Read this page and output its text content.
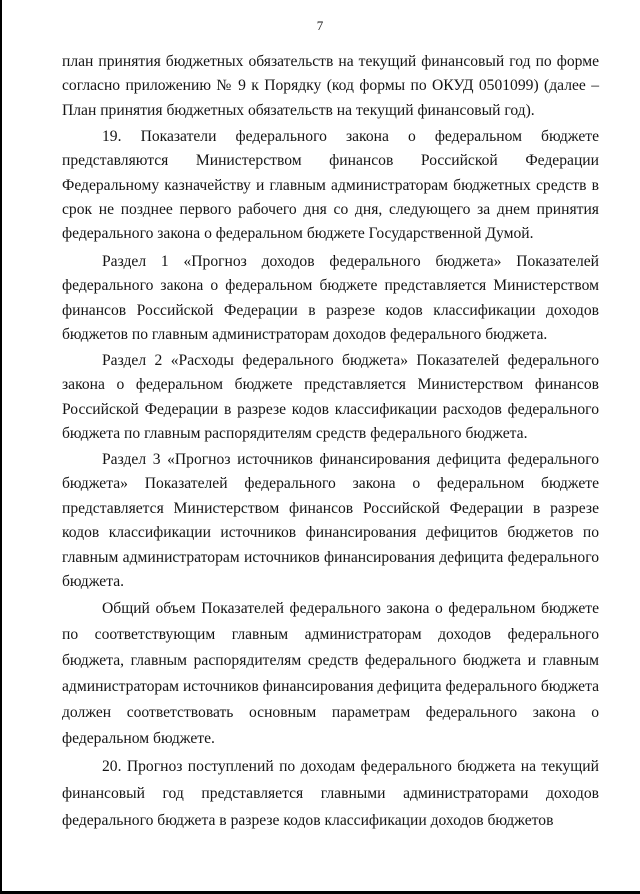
7

план принятия бюджетных обязательств на текущий финансовый год по форме согласно приложению № 9 к Порядку (код формы по ОКУД 0501099) (далее – План принятия бюджетных обязательств на текущий финансовый год).

19. Показатели федерального закона о федеральном бюджете представляются Министерством финансов Российской Федерации Федеральному казначейству и главным администраторам бюджетных средств в срок не позднее первого рабочего дня со дня, следующего за днем принятия федерального закона о федеральном бюджете Государственной Думой.

Раздел 1 «Прогноз доходов федерального бюджета» Показателей федерального закона о федеральном бюджете представляется Министерством финансов Российской Федерации в разрезе кодов классификации доходов бюджетов по главным администраторам доходов федерального бюджета.

Раздел 2 «Расходы федерального бюджета» Показателей федерального закона о федеральном бюджете представляется Министерством финансов Российской Федерации в разрезе кодов классификации расходов федерального бюджета по главным распорядителям средств федерального бюджета.

Раздел 3 «Прогноз источников финансирования дефицита федерального бюджета» Показателей федерального закона о федеральном бюджете представляется Министерством финансов Российской Федерации в разрезе кодов классификации источников финансирования дефицитов бюджетов по главным администраторам источников финансирования дефицита федерального бюджета.

Общий объем Показателей федерального закона о федеральном бюджете по соответствующим главным администраторам доходов федерального бюджета, главным распорядителям средств федерального бюджета и главным администраторам источников финансирования дефицита федерального бюджета должен соответствовать основным параметрам федерального закона о федеральном бюджете.

20. Прогноз поступлений по доходам федерального бюджета на текущий финансовый год представляется главными администраторами доходов федерального бюджета в разрезе кодов классификации доходов бюджетов
